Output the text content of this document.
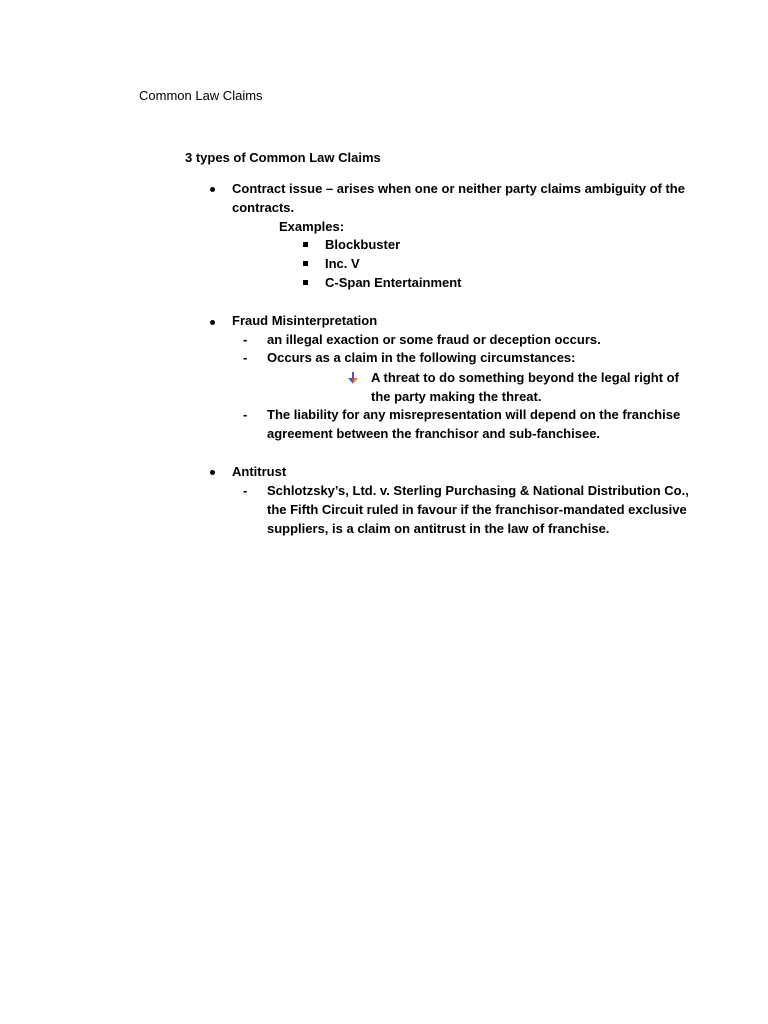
Common Law Claims
3 types of Common Law Claims
Contract issue – arises when one or neither party claims ambiguity of the
contracts.
Examples:
Blockbuster
Inc. V
C-Span Entertainment
Fraud Misinterpretation
- an illegal exaction or some fraud or deception occurs.
- Occurs as a claim in the following circumstances:
A threat to do something beyond the legal right of
the party making the threat.
- The liability for any misrepresentation will depend on the franchise
agreement between the franchisor and sub-fanchisee.
Antitrust
- Schlotzsky’s, Ltd. v. Sterling Purchasing & National Distribution Co.,
the Fifth Circuit ruled in favour if the franchisor-mandated exclusive
suppliers, is a claim on antitrust in the law of franchise.
